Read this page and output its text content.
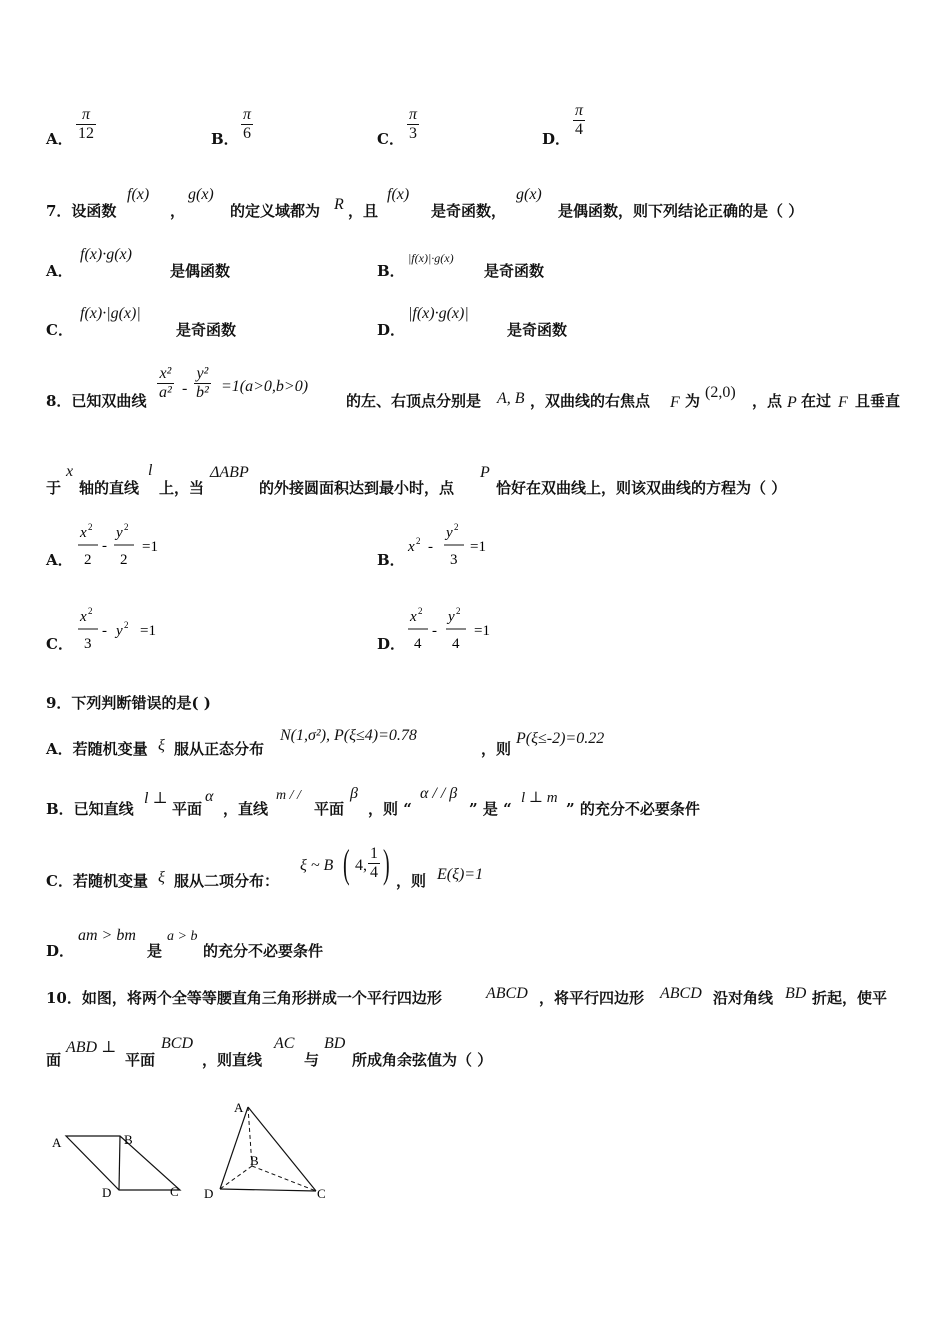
A．
π
12	B．
π
6	C．
π
3	D．
π
4
7．设函数
f(x)
，
g(x)
的定义域都为 R ，且
f(x)
是奇函数，
g(x)
是偶函数，则下列结论正确的是（ ）
A．
f(x)·g(x)
是偶函数	B．
|f(x)|·g(x)
是奇函数
C．
f(x)·|g(x)|
是奇函数	D．
|f(x)·g(x)|
是奇函数
8．已知双曲线
x²
a² -
y²
b² =1(a>0,b>0)
的左、右顶点分别是 A, B ，双曲线的右焦点 F 为 (2,0) ，点 P 在过 F 且垂直
于
x
轴的直线
l
上，当
ΔABP
的外接圆面积达到最小时，点
P
恰好在双曲线上，则该双曲线的方程为（ ）
A．
x 2
2
-
y 2
2
=1
B．
x 2 -
y 2
3
=1
C．
x 2
3
- y 2 =1
D．
x 2
4
-
y 2
4
=1
9．下列判断错误的是( )
A．若随机变量 ξ 服从正态分布
N(1,σ²), P(ξ≤4)=0.78
，则
P(ξ≤-2)=0.22
B．已知直线
l ⊥
平面
α
，直线
m / /
平面
β
，则 “
α / / β
” 是 “
l ⊥ m
” 的充分不必要条件
C．若随机变量 ξ 服从二项分布：
ξ ~ B ( 4,
1
4 ) ，则 E(ξ)=1
D．
am > bm
是
a > b
的充分不必要条件
10．如图，将两个全等等腰直角三角形拼成一个平行四边形	ABCD ，将平行四边形 ABCD 沿对角线 BD 折起，使平
面
ABD ⊥
平面
BCD
，则直线
AC
与
BD
所成角余弦值为（ ）
A	B
D	C
A
B
D	C
